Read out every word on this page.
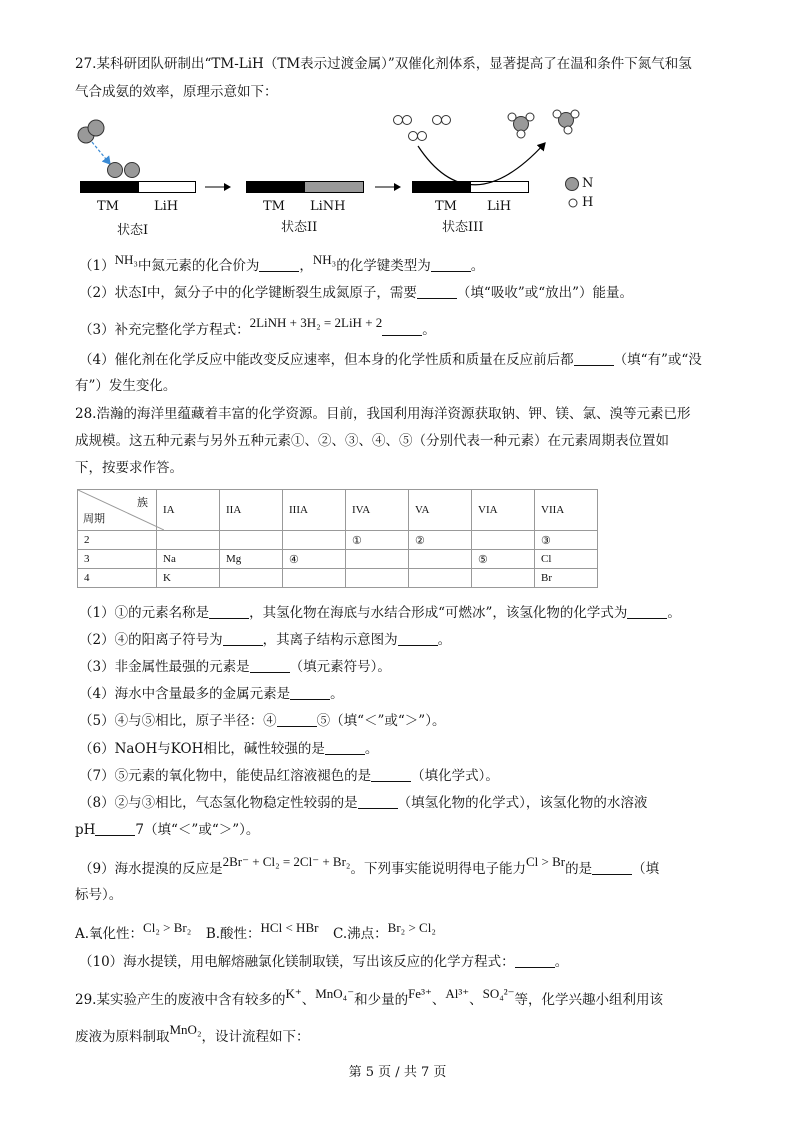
27.某科研团队研制出“TM-LiH（TM表示过渡金属）”双催化剂体系，显著提高了在温和条件下氮气和氢
气合成氨的效率，原理示意如下：
TM	LiH
状态I
TM LiNH
状态II
TM LiH
状态III
N
H
（1）NH₃中氮元素的化合价为	，NH₃的化学键类型为	。
（2）状态Ⅰ中，氮分子中的化学键断裂生成氮原子，需要	（填“吸收”或“放出”）能量。
（3）补充完整化学方程式：2LiNH + 3H₂ = 2LiH + 2	。
（4）催化剂在化学反应中能改变反应速率，但本身的化学性质和质量在反应前后都	（填“有”或“没
有”）发生变化。
28.浩瀚的海洋里蕴藏着丰富的化学资源。目前，我国利用海洋资源获取钠、钾、镁、氯、溴等元素已形
成规模。这五种元素与另外五种元素①、②、③、④、⑤（分别代表一种元素）在元素周期表位置如
下，按要求作答。
族
周期	IA	IIA	IIIA	IVA	VA	VIA	VIIA
2				①	②		③
3	Na	Mg	④			⑤	Cl
4	K						Br
（1）①的元素名称是	，其氢化物在海底与水结合形成“可燃冰”，该氢化物的化学式为	。
（2）④的阳离子符号为	，其离子结构示意图为	。
（3）非金属性最强的元素是	（填元素符号）。
（4）海水中含量最多的金属元素是	。
（5）④与⑤相比，原子半径：④	⑤（填“＜”或“＞”）。
（6）NaOH与KOH相比，碱性较强的是	。
（7）⑤元素的氧化物中，能使品红溶液褪色的是	（填化学式）。
（8）②与③相比，气态氢化物稳定性较弱的是	（填氢化物的化学式），该氢化物的水溶液
pH	7（填“＜”或“＞”）。
（9）海水提溴的反应是2Br⁻ + Cl₂ = 2Cl⁻ + Br₂。下列事实能说明得电子能力Cl > Br的是	（填
标号）。
A.氧化性：Cl₂ > Br₂ B.酸性：HCl < HBr C.沸点：Br₂ > Cl₂
（10）海水提镁，用电解熔融氯化镁制取镁，写出该反应的化学方程式：	。
29.某实验产生的废液中含有较多的K⁺、MnO₄⁻和少量的Fe³⁺、Al³⁺、SO₄²⁻等，化学兴趣小组利用该
废液为原料制取MnO₂，设计流程如下：
第 5 页 / 共 7 页
